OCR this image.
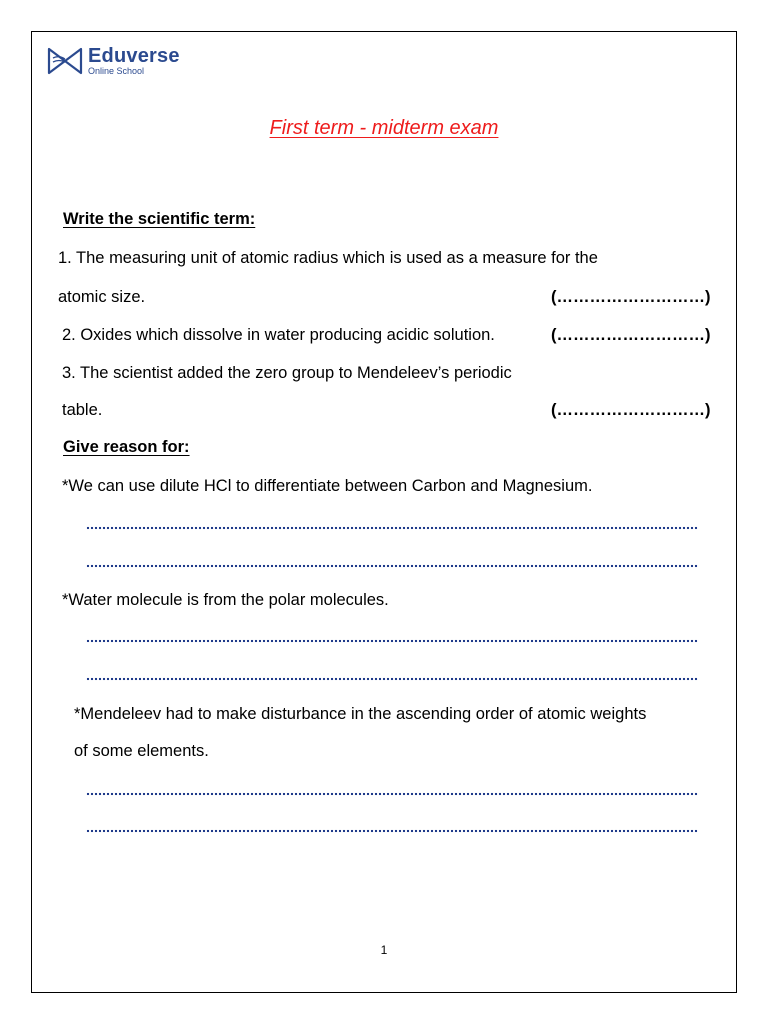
Eduverse
Online School
First term - midterm exam
Write the scientific term:
1. The measuring unit of atomic radius which is used as a measure for the
atomic size.	(………………………)
2. Oxides which dissolve in water producing acidic solution.	(………………………)
3. The scientist added the zero group to Mendeleev’s periodic
table.	(………………………)
Give reason for:
*We can use dilute HCl to differentiate between Carbon and Magnesium.
*Water molecule is from the polar molecules.
*Mendeleev had to make disturbance in the ascending order of atomic weights
of some elements.
1
